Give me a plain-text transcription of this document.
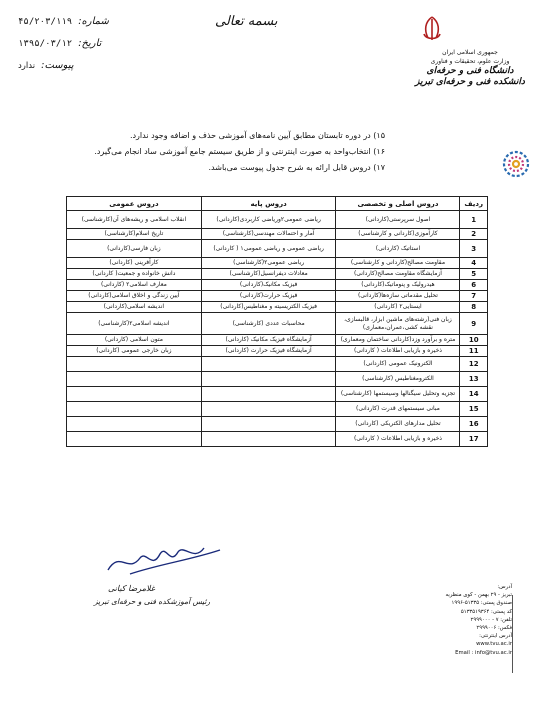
بسمه تعالی
شماره:
۴۵/۲۰۳/۱۱۹
تاریخ:
۱۳۹۵/۰۳/۱۲
پیوست:
ندارد
جمهوری اسلامی ایران
وزارت علوم، تحقیقات و فناوری
دانشگاه فنی و حرفه‌ای
دانشکده فنی و حرفه‌ای تبریز
۱۵) در دوره تابستان مطابق آیین نامه‌های آموزشی حذف و اضافه وجود ندارد.
۱۶) انتخاب‌واحد به صورت اینترنتی و از طریق سیستم جامع آموزشی ساد انجام می‌گیرد.
۱۷) دروس قابل ارائه به شرح جدول پیوست می‌باشد.
ردیف	دروس اصلی و تخصصی	دروس پایه	دروس عمومی
1	اصول سرپرستی(کاردانی)	ریاضی عمومی۲وریاضی کاربردی(کاردانی)	انقلاب اسلامی و ریشه‌های آن(کارشناسی)
2	کارآموزی(کاردانی و کارشناسی)	آمار و احتمالات مهندسی(کارشناسی)	تاریخ اسلام(کارشناسی)
3	استاتیک (کاردانی)	ریاضی عمومی و ریاضی عمومی۱ ( کاردانی)	زبان فارسی(کاردانی)
4	مقاومت مصالح(کاردانی و کارشناسی)	ریاضی عمومی۲(کارشناسی)	کارآفرینی (کاردانی)
5	آزمایشگاه مقاومت مصالح(کاردانی)	معادلات دیفرانسیل(کارشناسی)	دانش خانواده و جمعیت( کاردانی)
6	هیدرولیک و پنوماتیک(کاردانی)	فیزیک مکانیک(کاردانی)	معارف اسلامی۲ (کاردانی)
7	تحلیل مقدماتی سازه‌ها(کاردانی)	فیزیک حرارت(کاردانی)	آیین زندگی و اخلاق اسلامی(کاردانی)
8	ایستایی۲ (کاردانی)	فیزیک الکتریسیته و مغناطیس(کاردانی)	اندیشه اسلامی(کاردانی)
9	زبان فنی(رشته‌های ماشین ابزار، قالبسازی، نقشه کشی،عمران،معماری)	محاسبات عددی (کارشناسی)	اندیشه اسلامی۲(کارشناسی)
10	متره و برآورد وزد(کاردانی ساختمان ومعماری)	آزمایشگاه فیزیک مکانیک (کاردانی)	متون اسلامی (کاردانی)
11	ذخیره و بازیابی اطلاعات ( کاردانی)	آزمایشگاه فیزیک حرارت (کاردانی)	زبان خارجی عمومی (کاردانی)
12	الکترونیک عمومی (کاردانی)		
13	الکترومغناطیس (کارشناسی)		
14	تجزیه وتحلیل سیگنالها وسیستمها (کارشناسی)		
15	مبانی سیستمهای قدرت (کاردانی)		
16	تحلیل مدارهای الکتریکی (کاردانی)		
17	ذخیره و بازیابی اطلاعات ( کاردانی)		
غلامرضا کیانی
رئیس آموزشکده فنی و حرفه‌ای تبریز
آدرس:
تبریز - ۲۹ بهمن - کوی منظریه
صندوق پستی: ۵۱۳۳۵-۱۹۹۶
کد پستی: ۵۱۳۳۵۱۹۳۶۴
تلفن: ۷ - ۲۹۹۹۰۰۰
فکس: ۲۹۹۹۰۰۶
آدرس اینترنتی:
www.tvu.ac.ir
Email : info@tvu.ac.ir
